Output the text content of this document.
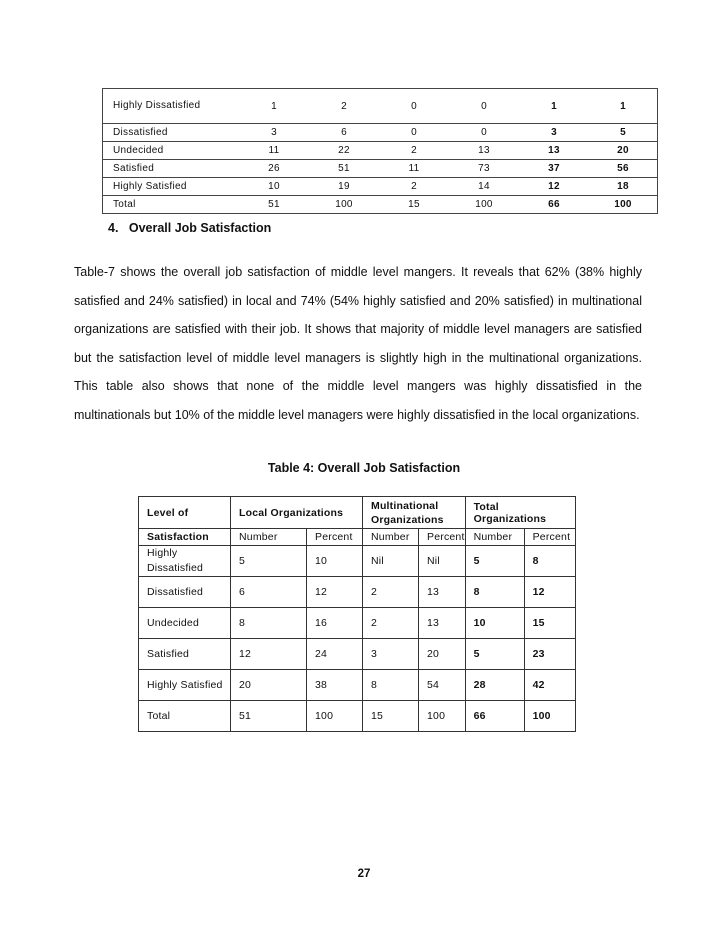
Highly Dissatisfied	1	2	0	0	1	1
Dissatisfied	3	6	0	0	3	5
Undecided	11	22	2	13	13	20
Satisfied	26	51	11	73	37	56
Highly Satisfied	10	19	2	14	12	18
Total	51	100	15	100	66	100
4. Overall Job Satisfaction
Table-7 shows the overall job satisfaction of middle level mangers. It reveals that 62% (38% highly satisfied and 24% satisfied) in local and 74% (54% highly satisfied and 20% satisfied) in multinational organizations are satisfied with their job. It shows that majority of middle level managers are satisfied but the satisfaction level of middle level managers is slightly high in the multinational organizations. This table also shows that none of the middle level mangers was highly dissatisfied in the multinationals but 10% of the middle level managers were highly dissatisfied in the local organizations.
Table 4: Overall Job Satisfaction
Level of	Local Organizations		Multinational Organizations		Total Organizations	
Satisfaction	Number	Percent	Number	Percent	Number	Percent
Highly Dissatisfied	5	10	Nil	Nil	5	8
Dissatisfied	6	12	2	13	8	12
Undecided	8	16	2	13	10	15
Satisfied	12	24	3	20	5	23
Highly Satisfied	20	38	8	54	28	42
Total	51	100	15	100	66	100
27
